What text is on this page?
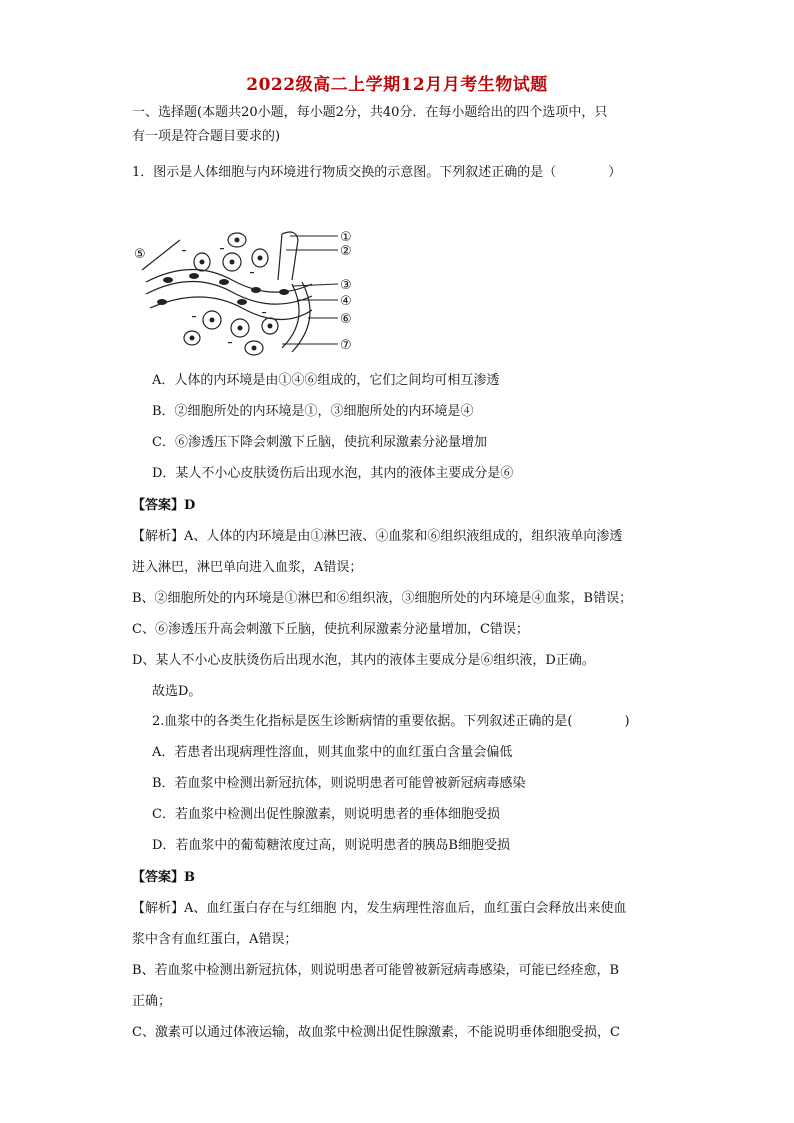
2022级高二上学期12月月考生物试题
一、选择题(本题共20小题，每小题2分，共40分．在每小题给出的四个选项中，只
有一项是符合题目要求的)
1．图示是人体细胞与内环境进行物质交换的示意图。下列叙述正确的是（　　　　）
⑤
①
②
③
④
⑥
⑦
A．人体的内环境是由①④⑥组成的，它们之间均可相互渗透
B．②细胞所处的内环境是①，③细胞所处的内环境是④
C．⑥渗透压下降会刺激下丘脑，使抗利尿激素分泌量增加
D．某人不小心皮肤烫伤后出现水泡，其内的液体主要成分是⑥
【答案】D
【解析】A、人体的内环境是由①淋巴液、④血浆和⑥组织液组成的，组织液单向渗透
进入淋巴，淋巴单向进入血浆，A错误；
B、②细胞所处的内环境是①淋巴和⑥组织液，③细胞所处的内环境是④血浆，B错误；
C、⑥渗透压升高会刺激下丘脑，使抗利尿激素分泌量增加，C错误；
D、某人不小心皮肤烫伤后出现水泡，其内的液体主要成分是⑥组织液，D正确。
故选D。
2.血浆中的各类生化指标是医生诊断病情的重要依据。下列叙述正确的是(　　　　)
A．若患者出现病理性溶血，则其血浆中的血红蛋白含量会偏低
B．若血浆中检测出新冠抗体，则说明患者可能曾被新冠病毒感染
C．若血浆中检测出促性腺激素，则说明患者的垂体细胞受损
D．若血浆中的葡萄糖浓度过高，则说明患者的胰岛B细胞受损
【答案】B
【解析】A、血红蛋白存在与红细胞 内，发生病理性溶血后，血红蛋白会释放出来使血
浆中含有血红蛋白，A错误；
B、若血浆中检测出新冠抗体，则说明患者可能曾被新冠病毒感染，可能已经痊愈，B
正确；
C、激素可以通过体液运输，故血浆中检测出促性腺激素，不能说明垂体细胞受损，C
